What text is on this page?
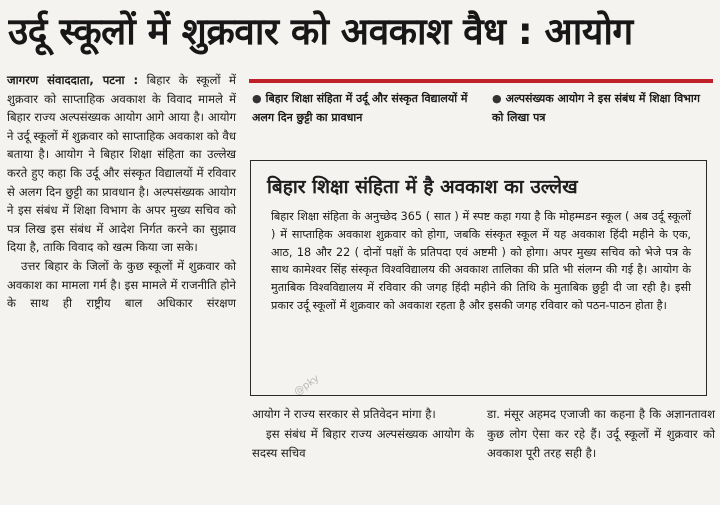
उर्दू स्कूलों में शुक्रवार को अवकाश वैध : आयोग

जागरण संवाददाता, पटना : बिहार के स्कूलों में शुक्रवार को साप्ताहिक अवकाश के विवाद मामले में बिहार राज्य अल्पसंख्यक आयोग आगे आया है। आयोग ने उर्दू स्कूलों में शुक्रवार को साप्ताहिक अवकाश को वैध बताया है। आयोग ने बिहार शिक्षा संहिता का उल्लेख करते हुए कहा कि उर्दू और संस्कृत विद्यालयों में रविवार से अलग दिन छुट्टी का प्रावधान है। अल्पसंख्यक आयोग ने इस संबंध में शिक्षा विभाग के अपर मुख्य सचिव को पत्र लिख इस संबंध में आदेश निर्गत करने का सुझाव दिया है, ताकि विवाद को खत्म किया जा सके।

उत्तर बिहार के जिलों के कुछ स्कूलों में शुक्रवार को अवकाश का मामला गर्म है। इस मामले में राजनीति होने के साथ ही राष्ट्रीय बाल अधिकार संरक्षण

● बिहार शिक्षा संहिता में उर्दू और संस्कृत विद्यालयों में अलग दिन छुट्टी का प्रावधान
● अल्पसंख्यक आयोग ने इस संबंध में शिक्षा विभाग को लिखा पत्र
बिहार शिक्षा संहिता में है अवकाश का उल्लेख
बिहार शिक्षा संहिता के अनुच्छेद 365 ( सात ) में स्पष्ट कहा गया है कि मोहम्मडन स्कूल ( अब उर्दू स्कूलों ) में साप्ताहिक अवकाश शुक्रवार को होगा, जबकि संस्कृत स्कूल में यह अवकाश हिंदी महीने के एक, आठ, 18 और 22 ( दोनों पक्षों के प्रतिपदा एवं अष्टमी ) को होगा। अपर मुख्य सचिव को भेजे पत्र के साथ कामेश्वर सिंह संस्कृत विश्वविद्यालय की अवकाश तालिका की प्रति भी संलग्न की गई है। आयोग के मुताबिक विश्वविद्यालय में रविवार की जगह हिंदी महीने की तिथि के मुताबिक छुट्टी दी जा रही है। इसी प्रकार उर्दू स्कूलों में शुक्रवार को अवकाश रहता है और इसकी जगह रविवार को पठन-पाठन होता है।
@pky

आयोग ने राज्य सरकार से प्रतिवेदन मांगा है।

इस संबंध में बिहार राज्य अल्पसंख्यक आयोग के सदस्य सचिव

डा. मंसूर अहमद एजाजी का कहना है कि अज्ञानतावश कुछ लोग ऐसा कर रहे हैं। उर्दू स्कूलों में शुक्रवार को अवकाश पूरी तरह सही है।
